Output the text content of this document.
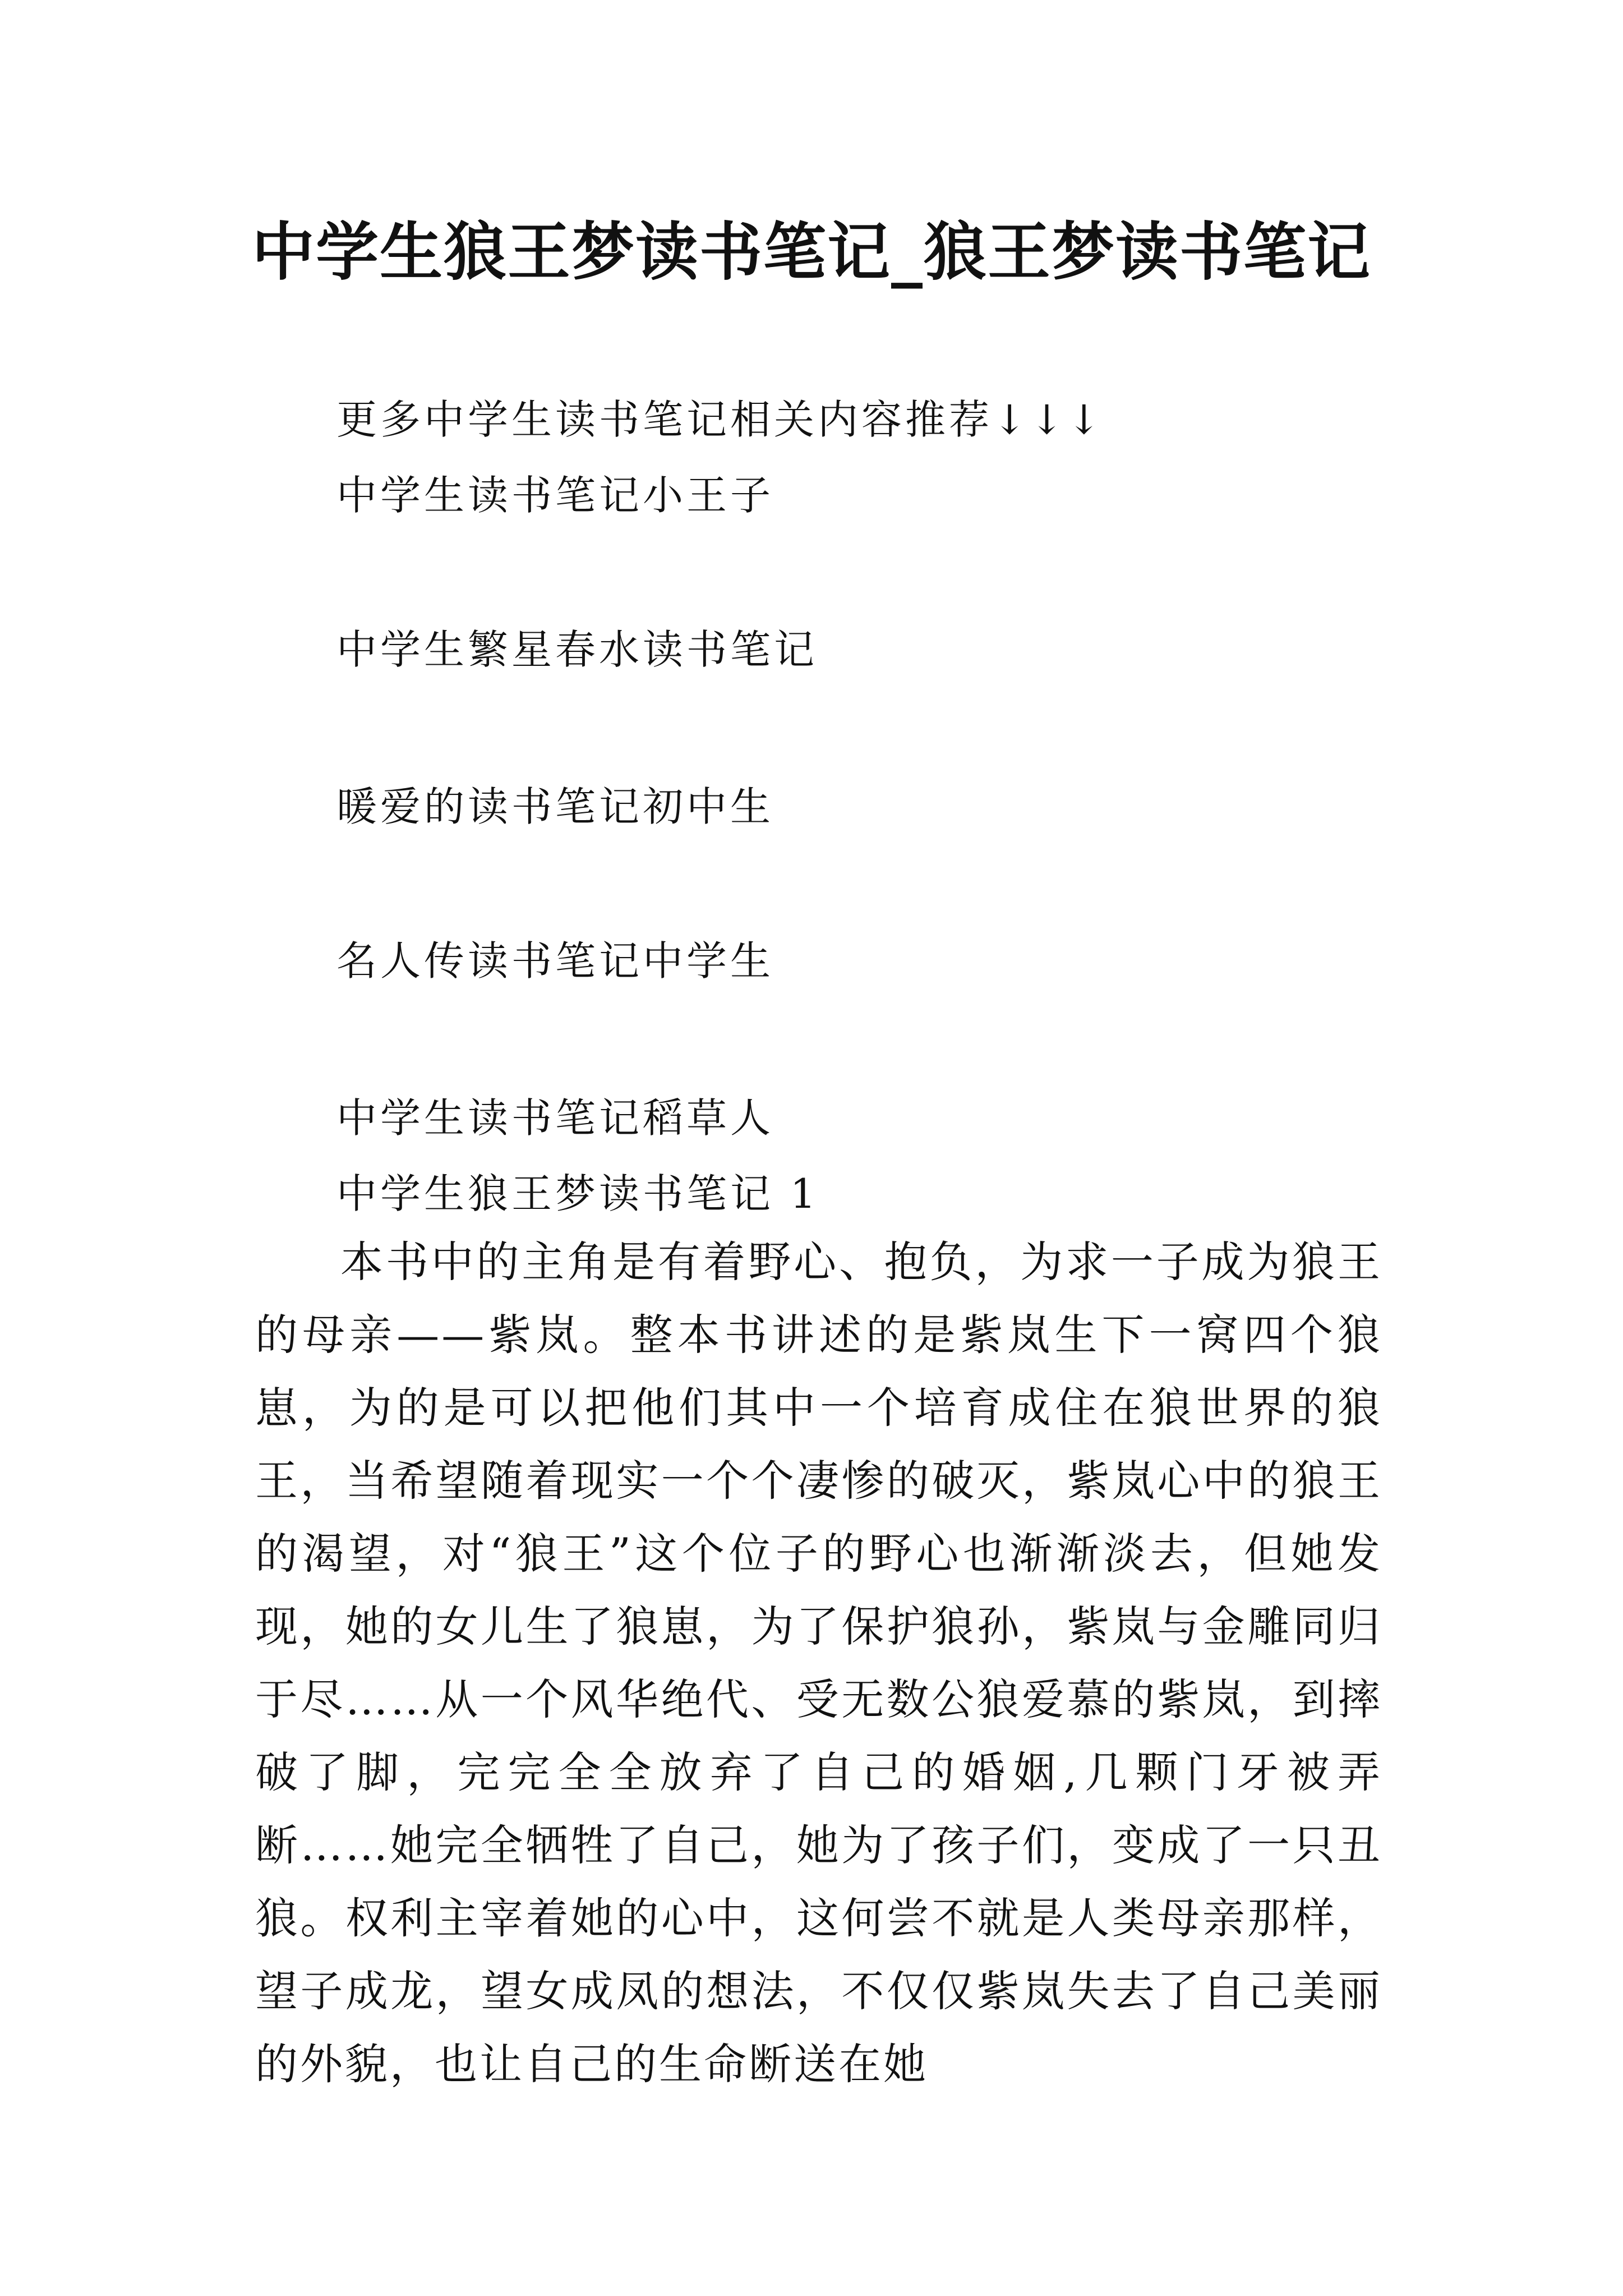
中学生狼王梦读书笔记_狼王梦读书笔记
更多中学生读书笔记相关内容推荐↓↓↓
中学生读书笔记小王子
中学生繁星春水读书笔记
暖爱的读书笔记初中生
名人传读书笔记中学生
中学生读书笔记稻草人
中学生狼王梦读书笔记 1

本书中的主角是有着野心、抱负，为求一子成为狼王的母亲——紫岚。整本书讲述的是紫岚生下一窝四个狼崽，为的是可以把他们其中一个培育成住在狼世界的狼王，当希望随着现实一个个凄惨的破灭，紫岚心中的狼王的渴望，对“狼王”这个位子的野心也渐渐淡去，但她发现，她的女儿生了狼崽，为了保护狼孙，紫岚与金雕同归于尽……从一个风华绝代、受无数公狼爱慕的紫岚，到摔破了脚，完完全全放弃了自己的婚姻,几颗门牙被弄断……她完全牺牲了自己，她为了孩子们，变成了一只丑狼。权利主宰着她的心中，这何尝不就是人类母亲那样，望子成龙，望女成凤的想法，不仅仅紫岚失去了自己美丽的外貌，也让自己的生命断送在她
